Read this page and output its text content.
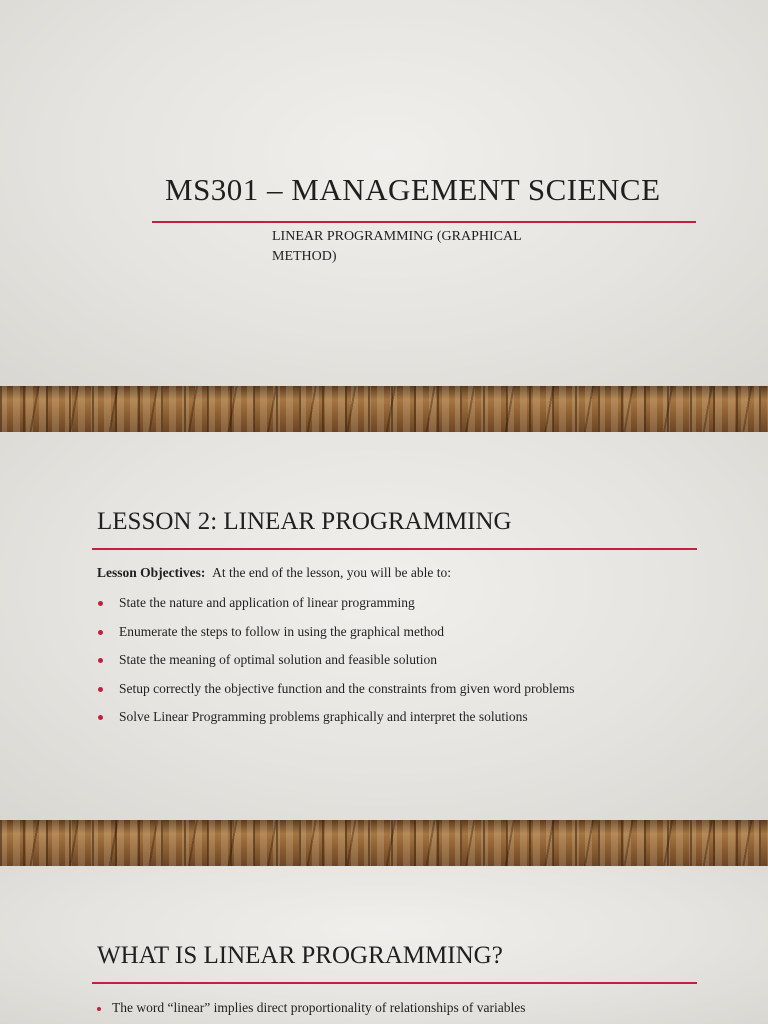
MS301 – MANAGEMENT SCIENCE
LINEAR PROGRAMMING (GRAPHICAL METHOD)
LESSON 2: LINEAR PROGRAMMING
Lesson Objectives: At the end of the lesson, you will be able to:
State the nature and application of linear programming
Enumerate the steps to follow in using the graphical method
State the meaning of optimal solution and feasible solution
Setup correctly the objective function and the constraints from given word problems
Solve Linear Programming problems graphically and interpret the solutions
WHAT IS LINEAR PROGRAMMING?
The word “linear” implies direct proportionality of relationships of variables
